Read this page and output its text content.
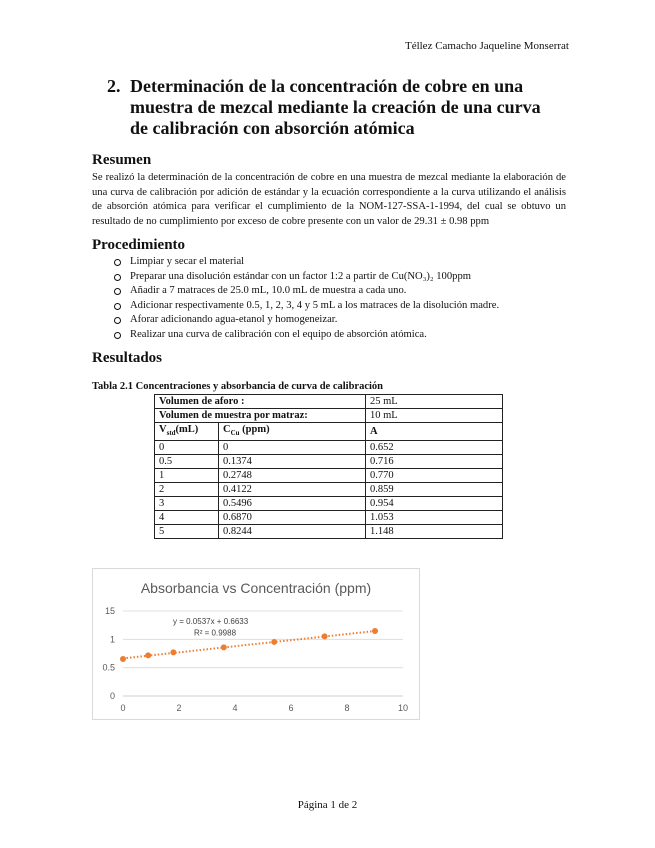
Téllez Camacho Jaqueline Monserrat
2. Determinación de la concentración de cobre en una muestra de mezcal mediante la creación de una curva de calibración con absorción atómica
Resumen
Se realizó la determinación de la concentración de cobre en una muestra de mezcal mediante la elaboración de una curva de calibración por adición de estándar y la ecuación correspondiente a la curva utilizando el análisis de absorción atómica para verificar el cumplimiento de la NOM-127-SSA-1-1994, del cual se obtuvo un resultado de no cumplimiento por exceso de cobre presente con un valor de 29.31 ± 0.98 ppm
Procedimiento
Limpiar y secar el material
Preparar una disolución estándar con un factor 1:2 a partir de Cu(NO₃)₂ 100ppm
Añadir a 7 matraces de 25.0 mL, 10.0 mL de muestra a cada uno.
Adicionar respectivamente 0.5, 1, 2, 3, 4 y 5 mL a los matraces de la disolución madre.
Aforar adicionando agua-etanol y homogeneizar.
Realizar una curva de calibración con el equipo de absorción atómica.
Resultados
Tabla 2.1 Concentraciones y absorbancia de curva de calibración
Volumen de aforo :		25 mL
Volumen de muestra por matraz:		10 mL
$V_{std}(mL)$	$C_{Cu}$ (ppm)	A
0	0	0.652
0.5	0.1374	0.716
1	0.2748	0.770
2	0.4122	0.859
3	0.5496	0.954
4	0.6870	1.053
5	0.8244	1.148
Absorbancia vs Concentración (ppm)
0
0.5
1
15
0	2	4	6	8	10
y = 0.0537x + 0.6633
R² = 0.9988
Página 1 de 2
